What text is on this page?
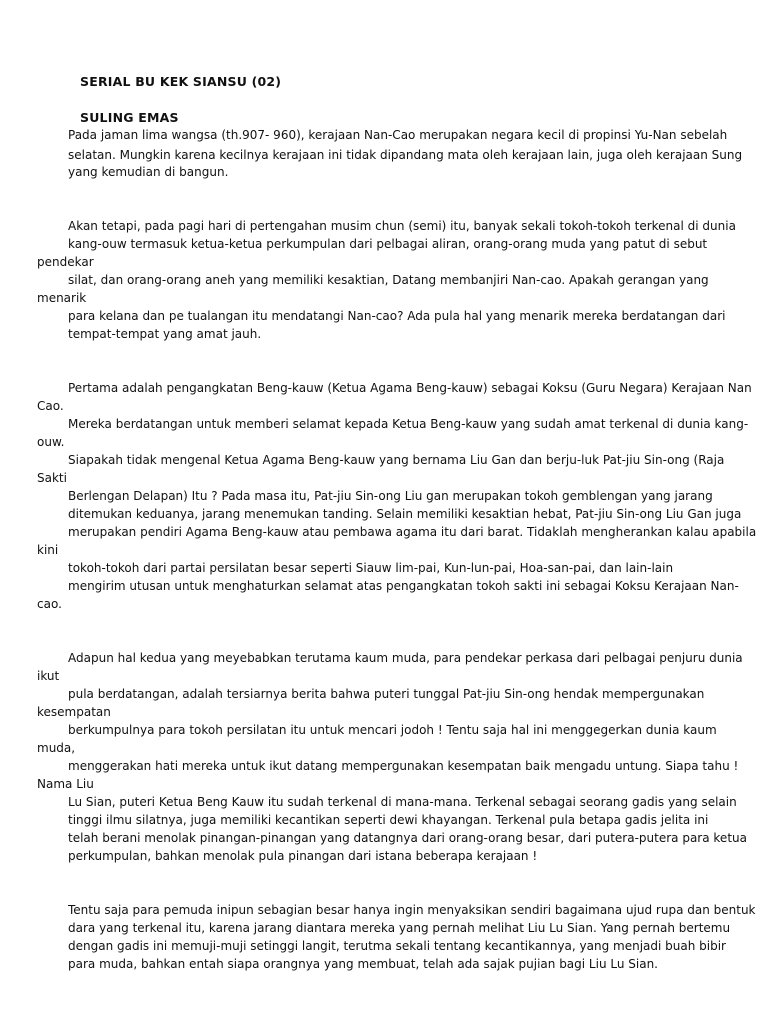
SERIAL BU KEK SIANSU (02)
SULING EMAS
Pada jaman lima wangsa (th.907- 960), kerajaan Nan-Cao merupakan negara kecil di propinsi Yu-Nan sebelah
selatan. Mungkin karena kecilnya kerajaan ini tidak dipandang mata oleh kerajaan lain, juga oleh kerajaan Sung
yang kemudian di bangun.
Akan tetapi, pada pagi hari di pertengahan musim chun (semi) itu, banyak sekali tokoh-tokoh terkenal di dunia
kang-ouw termasuk ketua-ketua perkumpulan dari pelbagai aliran, orang-orang muda yang patut di sebut
pendekar
silat, dan orang-orang aneh yang memiliki kesaktian, Datang membanjiri Nan-cao. Apakah gerangan yang
menarik
para kelana dan pe tualangan itu mendatangi Nan-cao? Ada pula hal yang menarik mereka berdatangan dari
tempat-tempat yang amat jauh.
Pertama adalah pengangkatan Beng-kauw (Ketua Agama Beng-kauw) sebagai Koksu (Guru Negara) Kerajaan Nan
Cao.
Mereka berdatangan untuk memberi selamat kepada Ketua Beng-kauw yang sudah amat terkenal di dunia kang-
ouw.
Siapakah tidak mengenal Ketua Agama Beng-kauw yang bernama Liu Gan dan berju-luk Pat-jiu Sin-ong (Raja
Sakti
Berlengan Delapan) Itu ? Pada masa itu, Pat-jiu Sin-ong Liu gan merupakan tokoh gemblengan yang jarang
ditemukan keduanya, jarang menemukan tanding. Selain memiliki kesaktian hebat, Pat-jiu Sin-ong Liu Gan juga
merupakan pendiri Agama Beng-kauw atau pembawa agama itu dari barat. Tidaklah mengherankan kalau apabila
kini
tokoh-tokoh dari partai persilatan besar seperti Siauw lim-pai, Kun-lun-pai, Hoa-san-pai, dan lain-lain
mengirim utusan untuk menghaturkan selamat atas pengangkatan tokoh sakti ini sebagai Koksu Kerajaan Nan-
cao.
Adapun hal kedua yang meyebabkan terutama kaum muda, para pendekar perkasa dari pelbagai penjuru dunia
ikut
pula berdatangan, adalah tersiarnya berita bahwa puteri tunggal Pat-jiu Sin-ong hendak mempergunakan
kesempatan
berkumpulnya para tokoh persilatan itu untuk mencari jodoh ! Tentu saja hal ini menggegerkan dunia kaum
muda,
menggerakan hati mereka untuk ikut datang mempergunakan kesempatan baik mengadu untung. Siapa tahu !
Nama Liu
Lu Sian, puteri Ketua Beng Kauw itu sudah terkenal di mana-mana. Terkenal sebagai seorang gadis yang selain
tinggi ilmu silatnya, juga memiliki kecantikan seperti dewi khayangan. Terkenal pula betapa gadis jelita ini
telah berani menolak pinangan-pinangan yang datangnya dari orang-orang besar, dari putera-putera para ketua
perkumpulan, bahkan menolak pula pinangan dari istana beberapa kerajaan !
Tentu saja para pemuda inipun sebagian besar hanya ingin menyaksikan sendiri bagaimana ujud rupa dan bentuk
dara yang terkenal itu, karena jarang diantara mereka yang pernah melihat Liu Lu Sian. Yang pernah bertemu
dengan gadis ini memuji-muji setinggi langit, terutma sekali tentang kecantikannya, yang menjadi buah bibir
para muda, bahkan entah siapa orangnya yang membuat, telah ada sajak pujian bagi Liu Lu Sian.
